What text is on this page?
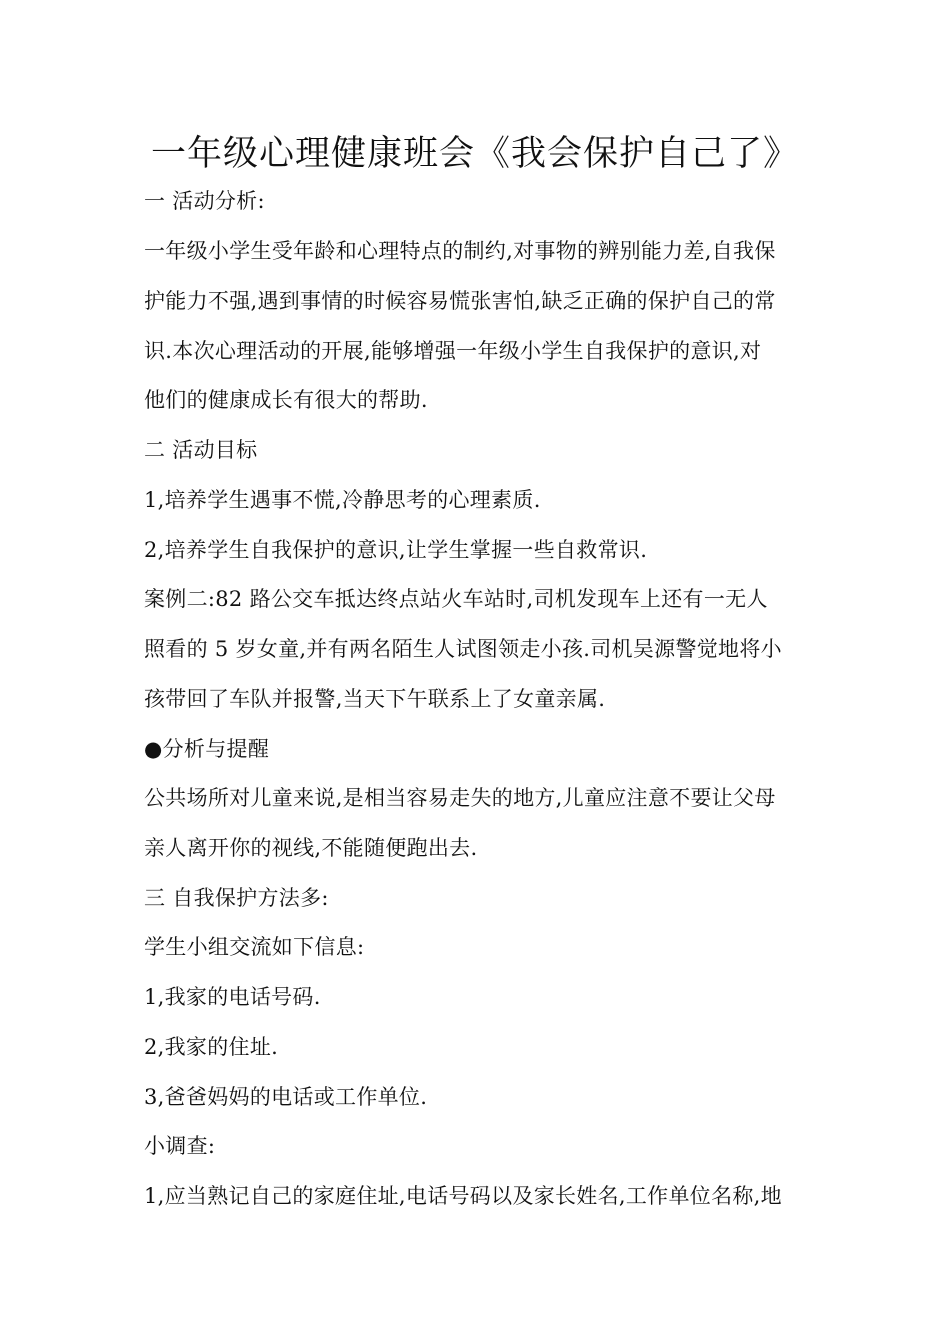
一年级心理健康班会《我会保护自己了》
一 活动分析:
一年级小学生受年龄和心理特点的制约,对事物的辨别能力差,自我保
护能力不强,遇到事情的时候容易慌张害怕,缺乏正确的保护自己的常
识.本次心理活动的开展,能够增强一年级小学生自我保护的意识,对
他们的健康成长有很大的帮助.
二 活动目标
1,培养学生遇事不慌,冷静思考的心理素质.
2,培养学生自我保护的意识,让学生掌握一些自救常识.
案例二:82 路公交车抵达终点站火车站时,司机发现车上还有一无人
照看的 5 岁女童,并有两名陌生人试图领走小孩.司机吴源警觉地将小
孩带回了车队并报警,当天下午联系上了女童亲属.
●分析与提醒
公共场所对儿童来说,是相当容易走失的地方,儿童应注意不要让父母
亲人离开你的视线,不能随便跑出去.
三 自我保护方法多:
学生小组交流如下信息:
1,我家的电话号码.
2,我家的住址.
3,爸爸妈妈的电话或工作单位.
小调查:
1,应当熟记自己的家庭住址,电话号码以及家长姓名,工作单位名称,地
